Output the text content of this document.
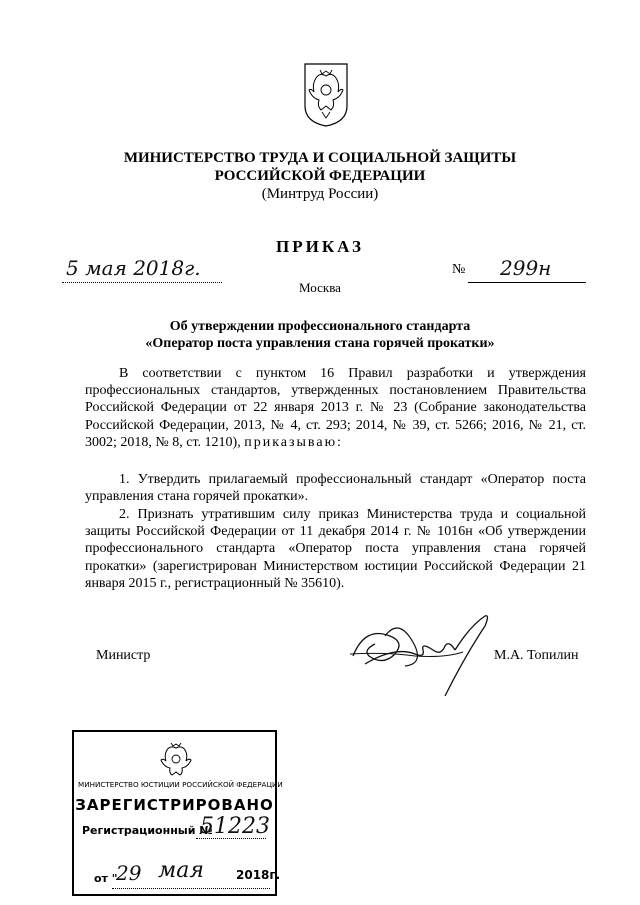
МИНИСТЕРСТВО ТРУДА И СОЦИАЛЬНОЙ ЗАЩИТЫ
РОССИЙСКОЙ ФЕДЕРАЦИИ
(Минтруд России)
ПРИКАЗ
5 мая 2018г.	№ 299н
Москва
Об утверждении профессионального стандарта
«Оператор поста управления стана горячей прокатки»
В соответствии с пунктом 16 Правил разработки и утверждения профессиональных стандартов, утвержденных постановлением Правительства Российской Федерации от 22 января 2013 г. № 23 (Собрание законодательства Российской Федерации, 2013, № 4, ст. 293; 2014, № 39, ст. 5266; 2016, № 21, ст. 3002; 2018, № 8, ст. 1210), приказываю:
1. Утвердить прилагаемый профессиональный стандарт «Оператор поста управления стана горячей прокатки».
2. Признать утратившим силу приказ Министерства труда и социальной защиты Российской Федерации от 11 декабря 2014 г. № 1016н «Об утверждении профессионального стандарта «Оператор поста управления стана горячей прокатки» (зарегистрирован Министерством юстиции Российской Федерации 21 января 2015 г., регистрационный № 35610).
Министр	М.А. Топилин
МИНИСТЕРСТВО ЮСТИЦИИ РОССИЙСКОЙ ФЕДЕРАЦИИ
ЗАРЕГИСТРИРОВАНО
Регистрационный №
51223
от "
29 мая	2018г.
